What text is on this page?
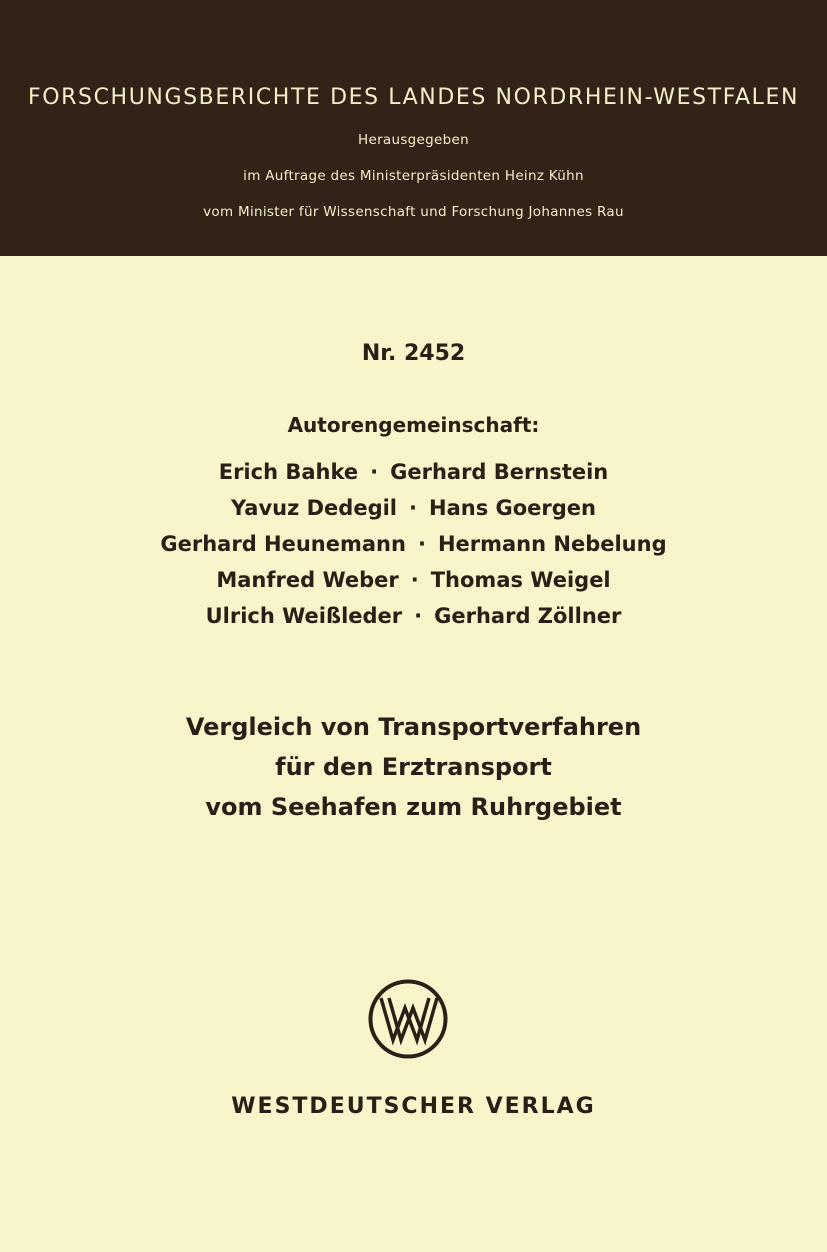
FORSCHUNGSBERICHTE DES LANDES NORDRHEIN-WESTFALEN
Herausgegeben
im Auftrage des Ministerpräsidenten Heinz Kühn
vom Minister für Wissenschaft und Forschung Johannes Rau
Nr. 2452
Autorengemeinschaft:
Erich Bahke · Gerhard Bernstein
Yavuz Dedegil · Hans Goergen
Gerhard Heunemann · Hermann Nebelung
Manfred Weber · Thomas Weigel
Ulrich Weißleder · Gerhard Zöllner
Vergleich von Transportverfahren
für den Erztransport
vom Seehafen zum Ruhrgebiet
WESTDEUTSCHER VERLAG
